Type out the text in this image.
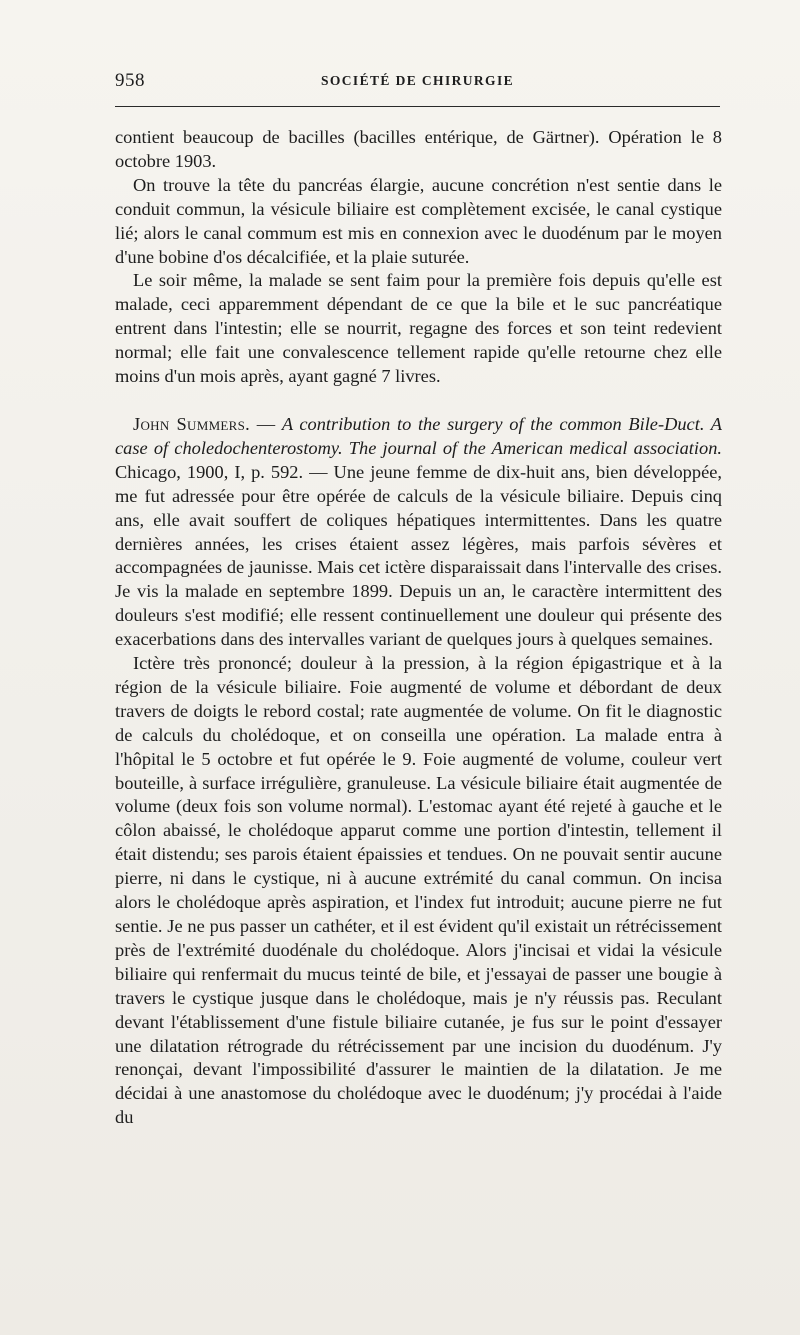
958	SOCIÉTÉ DE CHIRURGIE

contient beaucoup de bacilles (bacilles entérique, de Gärtner). Opération le 8 octobre 1903.

On trouve la tête du pancréas élargie, aucune concrétion n'est sentie dans le conduit commun, la vésicule biliaire est complètement excisée, le canal cystique lié; alors le canal commum est mis en connexion avec le duodénum par le moyen d'une bobine d'os décalcifiée, et la plaie suturée.

Le soir même, la malade se sent faim pour la première fois depuis qu'elle est malade, ceci apparemment dépendant de ce que la bile et le suc pancréatique entrent dans l'intestin; elle se nourrit, regagne des forces et son teint redevient normal; elle fait une convalescence tellement rapide qu'elle retourne chez elle moins d'un mois après, ayant gagné 7 livres.

John Summers. — A contribution to the surgery of the common Bile-Duct. A case of choledochenterostomy. The journal of the American medical association. Chicago, 1900, I, p. 592. — Une jeune femme de dix-huit ans, bien développée, me fut adressée pour être opérée de calculs de la vésicule biliaire. Depuis cinq ans, elle avait souffert de coliques hépatiques intermittentes. Dans les quatre dernières années, les crises étaient assez légères, mais parfois sévères et accompagnées de jaunisse. Mais cet ictère disparaissait dans l'intervalle des crises. Je vis la malade en septembre 1899. Depuis un an, le caractère intermittent des douleurs s'est modifié; elle ressent continuellement une douleur qui présente des exacerbations dans des intervalles variant de quelques jours à quelques semaines.

Ictère très prononcé; douleur à la pression, à la région épigastrique et à la région de la vésicule biliaire. Foie augmenté de volume et débordant de deux travers de doigts le rebord costal; rate augmentée de volume. On fit le diagnostic de calculs du cholédoque, et on conseilla une opération. La malade entra à l'hôpital le 5 octobre et fut opérée le 9. Foie augmenté de volume, couleur vert bouteille, à surface irrégulière, granuleuse. La vésicule biliaire était augmentée de volume (deux fois son volume normal). L'estomac ayant été rejeté à gauche et le côlon abaissé, le cholédoque apparut comme une portion d'intestin, tellement il était distendu; ses parois étaient épaissies et tendues. On ne pouvait sentir aucune pierre, ni dans le cystique, ni à aucune extrémité du canal commun. On incisa alors le cholédoque après aspiration, et l'index fut introduit; aucune pierre ne fut sentie. Je ne pus passer un cathéter, et il est évident qu'il existait un rétrécissement près de l'extrémité duodénale du cholédoque. Alors j'incisai et vidai la vésicule biliaire qui renfermait du mucus teinté de bile, et j'essayai de passer une bougie à travers le cystique jusque dans le cholédoque, mais je n'y réussis pas. Reculant devant l'établissement d'une fistule biliaire cutanée, je fus sur le point d'essayer une dilatation rétrograde du rétrécissement par une incision du duodénum. J'y renonçai, devant l'impossibilité d'assurer le maintien de la dilatation. Je me décidai à une anastomose du cholédoque avec le duodénum; j'y procédai à l'aide du
